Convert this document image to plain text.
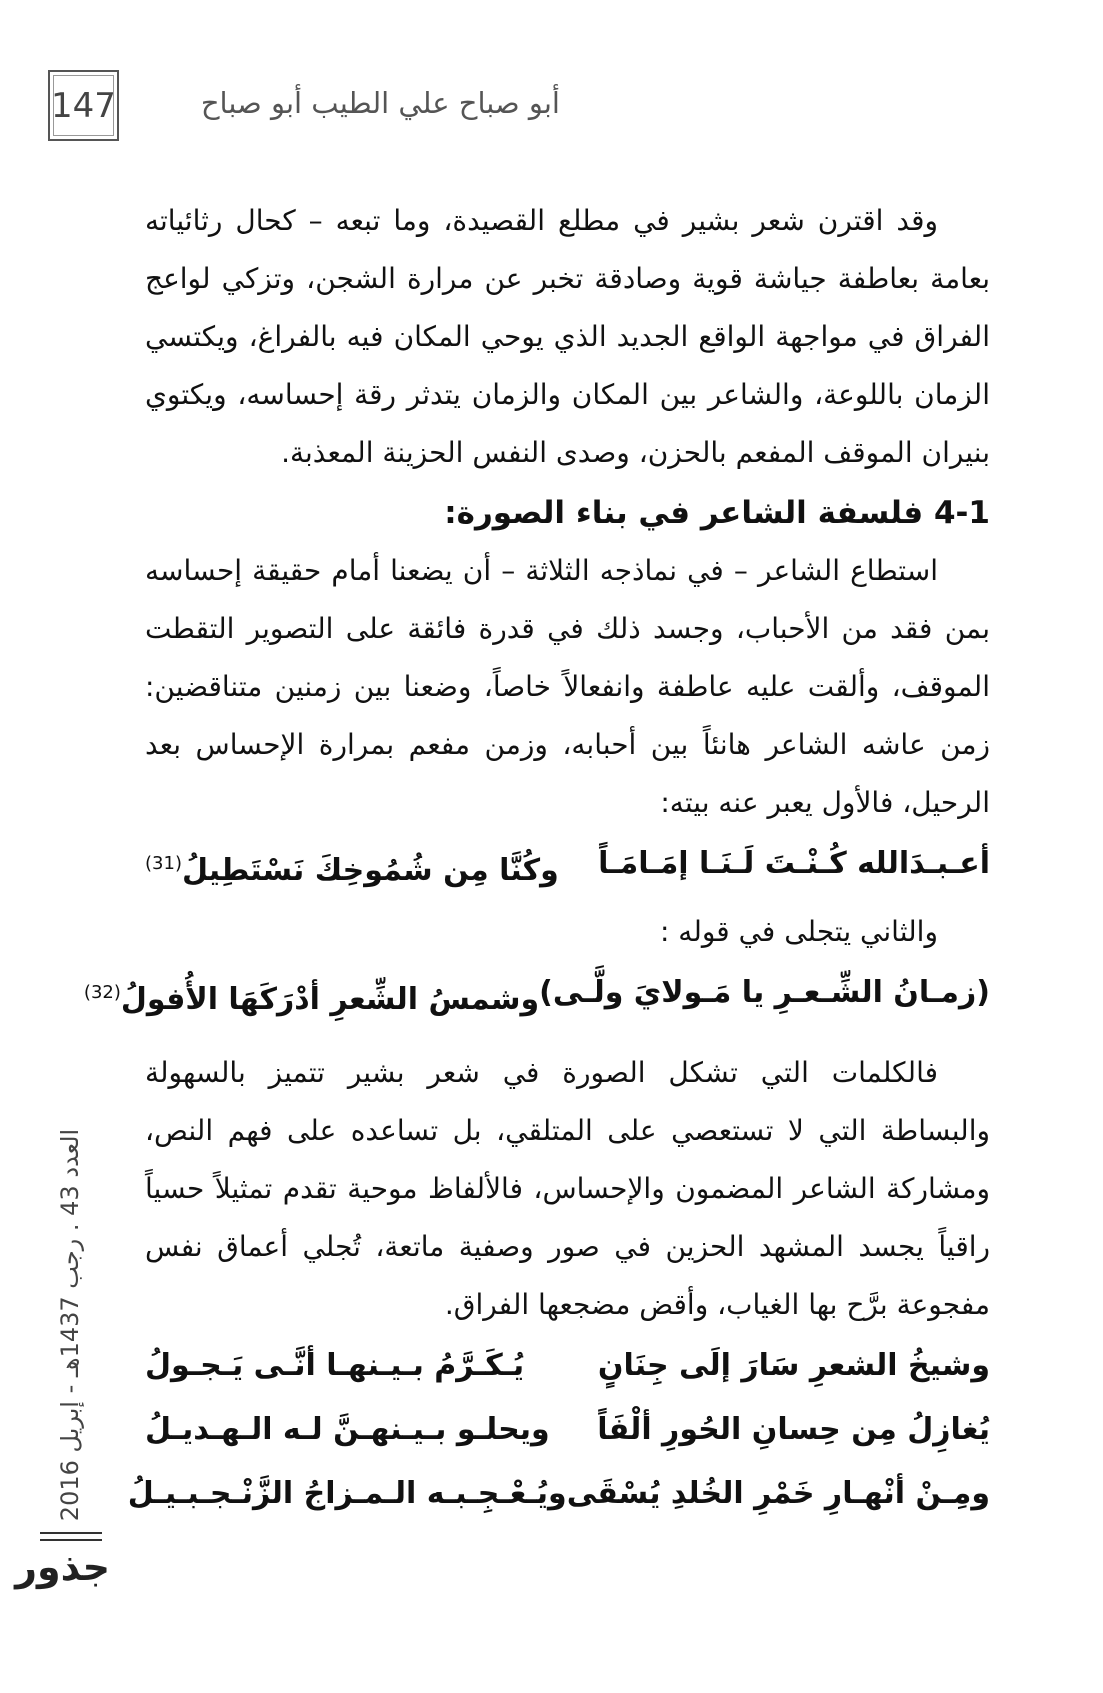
147	أبو صباح علي الطيب أبو صباح

وقد اقترن شعر بشير في مطلع القصيدة، وما تبعه – كحال رثائياته بعامة بعاطفة جياشة قوية وصادقة تخبر عن مرارة الشجن، وتزكي لواعج الفراق في مواجهة الواقع الجديد الذي يوحي المكان فيه بالفراغ، ويكتسي الزمان باللوعة، والشاعر بين المكان والزمان يتدثر رقة إحساسه، ويكتوي بنيران الموقف المفعم بالحزن، وصدى النفس الحزينة المعذبة.

4-1 فلسفة الشاعر في بناء الصورة:

استطاع الشاعر – في نماذجه الثلاثة – أن يضعنا أمام حقيقة إحساسه بمن فقد من الأحباب، وجسد ذلك في قدرة فائقة على التصوير التقطت الموقف، وألقت عليه عاطفة وانفعالاً خاصاً، وضعنا بين زمنين متناقضين: زمن عاشه الشاعر هانئاً بين أحبابه، وزمن مفعم بمرارة الإحساس بعد الرحيل، فالأول يعبر عنه بيته:

أعـبـدَالله كُـنْـتَ لَـنَـا إمَـامَـاً
وكُنَّا مِن شُمُوخِكَ نَسْتَطِيلُ$^{(31)}$

والثاني يتجلى في قوله :

(زمـانُ الشِّـعـرِ يا مَـولايَ ولَّـى)
وشمسُ الشِّعرِ أدْرَكَهَا الأُفولُ$^{(32)}$

فالكلمات التي تشكل الصورة في شعر بشير تتميز بالسهولة والبساطة التي لا تستعصي على المتلقي، بل تساعده على فهم النص، ومشاركة الشاعر المضمون والإحساس، فالألفاظ موحية تقدم تمثيلاً حسياً راقياً يجسد المشهد الحزين في صور وصفية ماتعة، تُجلي أعماق نفس مفجوعة برَّح بها الغياب، وأقض مضجعها الفراق.

وشيخُ الشعرِ سَارَ إلَى جِنَانٍ
يُـكَـرَّمُ بـيـنهـا أنَّـى يَـجـولُ
يُغازِلُ مِن حِسانِ الحُورِ ألْفَاً
ويحلـو بـيـنهـنَّ لـه الـهـديـلُ
ومِـنْ أنْهـارِ خَمْرِ الخُلدِ يُسْقَى
ويُـعْـجِـبـه الـمـزاجُ الزَّنْـجـبـيـلُ
العدد 43 . رجب 1437هـ - إبريل 2016
جذور
